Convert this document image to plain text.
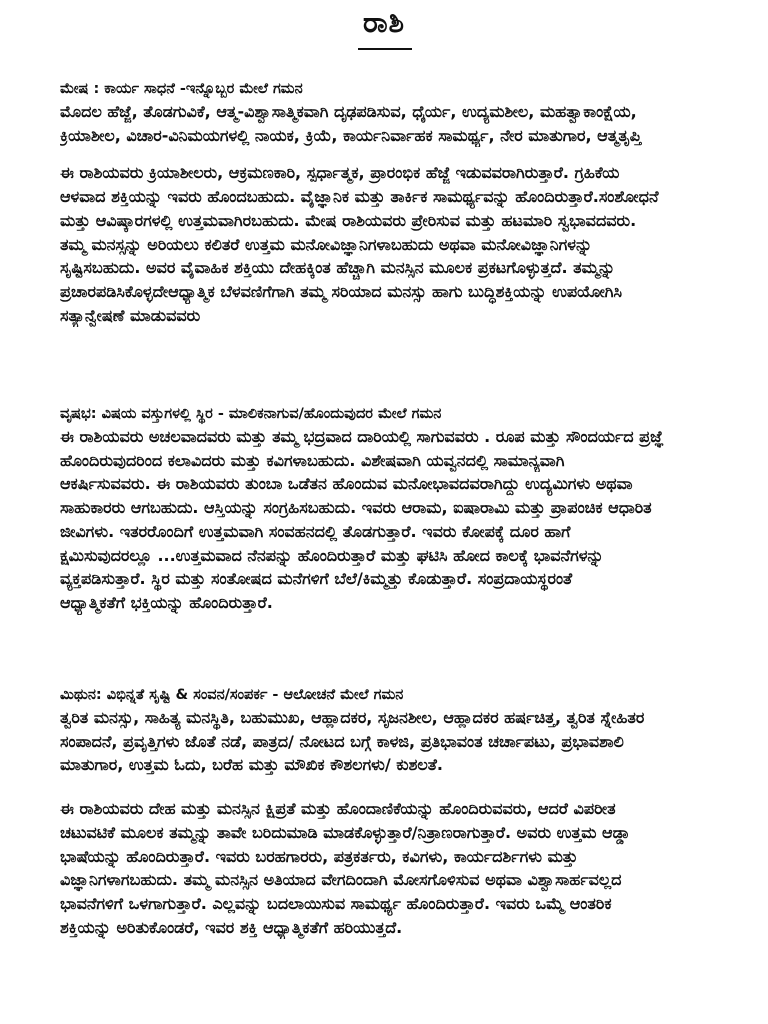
ರಾಶಿ
ಮೇಷ : ಕಾರ್ಯ ಸಾಧನೆ -ಇನ್ನೊಬ್ಬರ ಮೇಲೆ ಗಮನ
ಮೊದಲ ಹೆಜ್ಜೆ, ತೊಡಗುವಿಕೆ, ಆತ್ಮ-ವಿಶ್ವಾಸಾತ್ಮಿಕವಾಗಿ ದೃಢಪಡಿಸುವ, ಧೈರ್ಯ, ಉದ್ಯಮಶೀಲ, ಮಹತ್ವಾಕಾಂಕ್ಷೆಯ,
ಕ್ರಿಯಾಶೀಲ, ವಿಚಾರ-ವಿನಿಮಯಗಳಲ್ಲಿ ನಾಯಕ, ಕ್ರಿಯೆ, ಕಾರ್ಯನಿರ್ವಾಹಕ ಸಾಮರ್ಥ್ಯ, ನೇರ ಮಾತುಗಾರ, ಆತ್ಮತೃಪ್ತಿ
ಈ ರಾಶಿಯವರು ಕ್ರಿಯಾಶೀಲರು, ಆಕ್ರಮಣಕಾರಿ, ಸ್ಪರ್ಧಾತ್ಮಕ, ಪ್ರಾರಂಭಿಕ ಹೆಜ್ಜೆ ಇಡುವವರಾಗಿರುತ್ತಾರೆ. ಗ್ರಹಿಕೆಯ
ಆಳವಾದ ಶಕ್ತಿಯನ್ನು ಇವರು ಹೊಂದಬಹುದು. ವೈಜ್ಞಾನಿಕ ಮತ್ತು ತಾರ್ಕಿಕ ಸಾಮರ್ಥ್ಯವನ್ನು ಹೊಂದಿರುತ್ತಾರೆ.ಸಂಶೋಧನೆ
ಮತ್ತು ಆವಿಷ್ಕಾರಗಳಲ್ಲಿ ಉತ್ತಮವಾಗಿರಬಹುದು. ಮೇಷ ರಾಶಿಯವರು ಪ್ರೇರಿಸುವ ಮತ್ತು ಹಟಮಾರಿ ಸ್ವಭಾವದವರು.
ತಮ್ಮ ಮನಸ್ಸನ್ನು ಅರಿಯಲು ಕಲಿತರೆ ಉತ್ತಮ ಮನೋವಿಜ್ಞಾನಿಗಳಾಬಹುದು ಅಥವಾ ಮನೋವಿಜ್ಞಾನಿಗಳನ್ನು
ಸೃಷ್ಟಿಸಬಹುದು. ಅವರ ವೈವಾಹಿಕ ಶಕ್ತಿಯು ದೇಹಕ್ಕಿಂತ ಹೆಚ್ಚಾಗಿ ಮನಸ್ಸಿನ ಮೂಲಕ ಪ್ರಕಟಗೊಳ್ಳುತ್ತದೆ. ತಮ್ಮನ್ನು
ಪ್ರಚಾರಪಡಿಸಿಕೊಳ್ಳದೇಆಧ್ಯಾತ್ಮಿಕ ಬೆಳವಣಿಗೆಗಾಗಿ ತಮ್ಮ ಸರಿಯಾದ ಮನಸ್ಸು ಹಾಗು ಬುದ್ಧಿಶಕ್ತಿಯನ್ನು ಉಪಯೋಗಿಸಿ
ಸತ್ಯಾನ್ವೇಷಣೆ ಮಾಡುವವರು
ವೃಷಭ: ವಿಷಯ ವಸ್ತುಗಳಲ್ಲಿ ಸ್ಥಿರ - ಮಾಲಿಕನಾಗುವ/ಹೊಂದುವುದರ ಮೇಲೆ ಗಮನ
ಈ ರಾಶಿಯವರು ಅಚಲವಾದವರು ಮತ್ತು ತಮ್ಮ ಭದ್ರವಾದ ದಾರಿಯಲ್ಲಿ ಸಾಗುವವರು . ರೂಪ ಮತ್ತು ಸೌಂದರ್ಯದ ಪ್ರಜ್ಞೆ
ಹೊಂದಿರುವುದರಿಂದ ಕಲಾವಿದರು ಮತ್ತು ಕವಿಗಳಾಬಹುದು. ವಿಶೇಷವಾಗಿ ಯವ್ವನದಲ್ಲಿ ಸಾಮಾನ್ಯವಾಗಿ
ಆಕರ್ಷಿಸುವವರು. ಈ ರಾಶಿಯವರು ತುಂಬಾ ಒಡೆತನ ಹೊಂದುವ ಮನೋಭಾವದವರಾಗಿದ್ದು ಉದ್ಯಮಿಗಳು ಅಥವಾ
ಸಾಹುಕಾರರು ಆಗಬಹುದು. ಆಸ್ತಿಯನ್ನು ಸಂಗ್ರಹಿಸಬಹುದು. ಇವರು ಆರಾಮ, ಐಷಾರಾಮಿ ಮತ್ತು ಪ್ರಾಪಂಚಿಕ ಆಧಾರಿತ
ಜೀವಿಗಳು. ಇತರರೊಂದಿಗೆ ಉತ್ತಮವಾಗಿ ಸಂವಹನದಲ್ಲಿ ತೊಡಗುತ್ತಾರೆ. ಇವರು ಕೋಪಕ್ಕೆ ದೂರ ಹಾಗೆ
ಕ್ಷಮಿಸುವುದರಲ್ಲೂ ...ಉತ್ತಮವಾದ ನೆನಪನ್ನು ಹೊಂದಿರುತ್ತಾರೆ ಮತ್ತು ಘಟಿಸಿ ಹೋದ ಕಾಲಕ್ಕೆ ಭಾವನೆಗಳನ್ನು
ವ್ಯಕ್ತಪಡಿಸುತ್ತಾರೆ. ಸ್ಥಿರ ಮತ್ತು ಸಂತೋಷದ ಮನೆಗಳಿಗೆ ಬೆಲೆ/ಕಿಮ್ಮತ್ತು ಕೊಡುತ್ತಾರೆ. ಸಂಪ್ರದಾಯಸ್ಥರಂತೆ
ಆಧ್ಯಾತ್ಮಿಕತೆಗೆ ಭಕ್ತಿಯನ್ನು ಹೊಂದಿರುತ್ತಾರೆ.
ಮಿಥುನ: ವಿಭಿನ್ನತೆ ಸೃಷ್ಟಿ & ಸಂವನ/ಸಂಪರ್ಕ - ಆಲೋಚನೆ ಮೇಲೆ ಗಮನ
ತ್ವರಿತ ಮನಸ್ಸು, ಸಾಹಿತ್ಯ ಮನಸ್ಥಿತಿ, ಬಹುಮುಖ, ಆಹ್ಲಾದಕರ, ಸೃಜನಶೀಲ, ಆಹ್ಲಾದಕರ ಹರ್ಷಚಿತ್ತ, ತ್ವರಿತ ಸ್ನೇಹಿತರ
ಸಂಪಾದನೆ, ಪ್ರವೃತ್ತಿಗಳು ಜೊತೆ ನಡೆ, ಪಾತ್ರದ/ ನೋಟದ ಬಗ್ಗೆ ಕಾಳಜಿ, ಪ್ರತಿಭಾವಂತ ಚರ್ಚಾಪಟು, ಪ್ರಭಾವಶಾಲಿ
ಮಾತುಗಾರ, ಉತ್ತಮ ಓದು, ಬರೆಹ ಮತ್ತು ಮೌಖಿಕ ಕೌಶಲಗಳು/ ಕುಶಲತೆ.
ಈ ರಾಶಿಯವರು ದೇಹ ಮತ್ತು ಮನಸ್ಸಿನ ಕ್ಷಿಪ್ರತೆ ಮತ್ತು ಹೊಂದಾಣಿಕೆಯನ್ನು ಹೊಂದಿರುವವರು, ಆದರೆ ವಿಪರೀತ
ಚಟುವಟಿಕೆ ಮೂಲಕ ತಮ್ಮನ್ನು ತಾವೇ ಬರಿದುಮಾಡಿ ಮಾಡಕೊಳ್ಳುತ್ತಾರೆ/ನಿತ್ರಾಣರಾಗುತ್ತಾರೆ. ಅವರು ಉತ್ತಮ ಆಡ್ಡಾ
ಭಾಷೆಯನ್ನು ಹೊಂದಿರುತ್ತಾರೆ. ಇವರು ಬರಹಗಾರರು, ಪತ್ರಕರ್ತರು, ಕವಿಗಳು, ಕಾರ್ಯದರ್ಶಿಗಳು ಮತ್ತು
ವಿಜ್ಞಾನಿಗಳಾಗಬಹುದು. ತಮ್ಮ ಮನಸ್ಸಿನ ಅತಿಯಾದ ವೇಗದಿಂದಾಗಿ ಮೋಸಗೊಳಿಸುವ ಅಥವಾ ವಿಶ್ವಾಸಾರ್ಹವಲ್ಲದ
ಭಾವನೆಗಳಿಗೆ ಒಳಗಾಗುತ್ತಾರೆ. ಎಲ್ಲವನ್ನು ಬದಲಾಯಿಸುವ ಸಾಮರ್ಥ್ಯ ಹೊಂದಿರುತ್ತಾರೆ. ಇವರು ಒಮ್ಮೆ ಆಂತರಿಕ
ಶಕ್ತಿಯನ್ನು ಅರಿತುಕೊಂಡರೆ, ಇವರ ಶಕ್ತಿ ಆಧ್ಯಾತ್ಮಿಕತೆಗೆ ಹರಿಯುತ್ತದೆ.
